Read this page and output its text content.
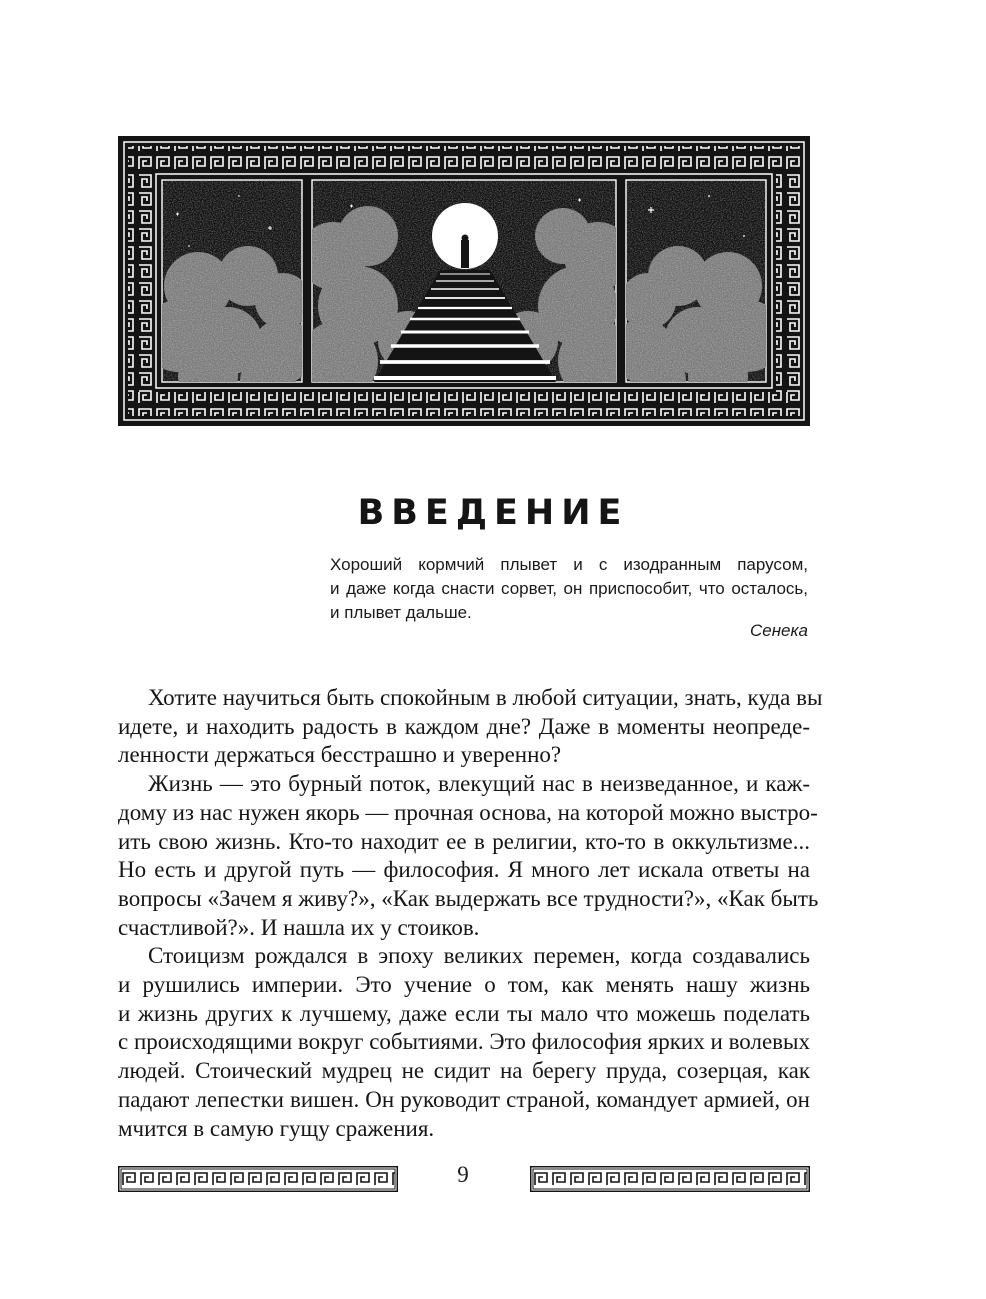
ВВЕДЕНИЕ
Хороший кормчий плывет и с изодранным парусом,
и даже когда снасти сорвет, он приспособит, что осталось,
и плывет дальше.
Сенека
Хотите научиться быть спокойным в любой ситуации, знать, куда вы
идете, и находить радость в каждом дне? Даже в моменты неопреде-
ленности держаться бесстрашно и уверенно?
Жизнь — это бурный поток, влекущий нас в неизведанное, и каж-
дому из нас нужен якорь — прочная основа, на которой можно выстро-
ить свою жизнь. Кто-то находит ее в религии, кто-то в оккультизме...
Но есть и другой путь — философия. Я много лет искала ответы на
вопросы «Зачем я живу?», «Как выдержать все трудности?», «Как быть
счастливой?». И нашла их у стоиков.
Стоицизм рождался в эпоху великих перемен, когда создавались
и рушились империи. Это учение о том, как менять нашу жизнь
и жизнь других к лучшему, даже если ты мало что можешь поделать
с происходящими вокруг событиями. Это философия ярких и волевых
людей. Стоический мудрец не сидит на берегу пруда, созерцая, как
падают лепестки вишен. Он руководит страной, командует армией, он
мчится в самую гущу сражения.
9
